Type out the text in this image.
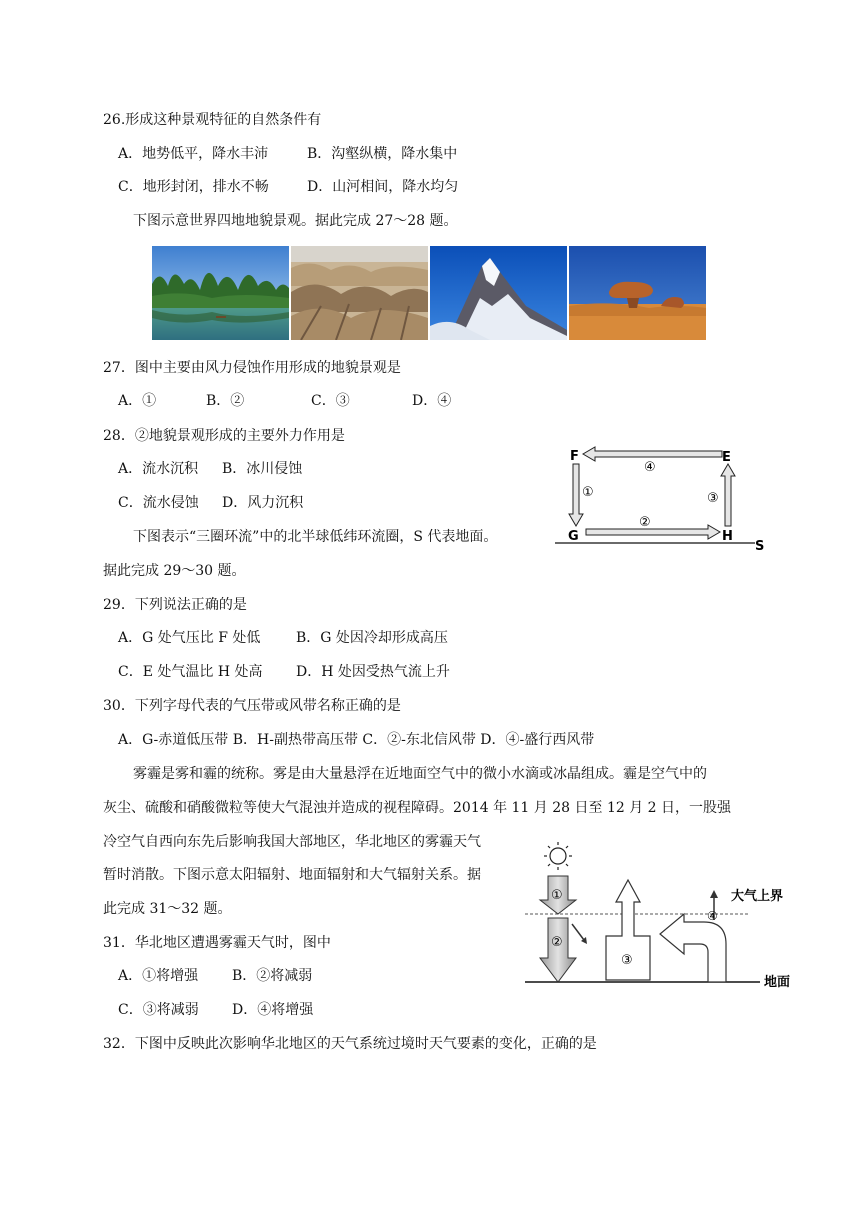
26.形成这种景观特征的自然条件有
A．地势低平，降水丰沛	B．沟壑纵横，降水集中
C．地形封闭，排水不畅	D．山河相间，降水均匀
下图示意世界四地地貌景观。据此完成 27～28 题。
27．图中主要由风力侵蚀作用形成的地貌景观是
A．①	B．②	C．③	D．④
28．②地貌景观形成的主要外力作用是
A．流水沉积 B．冰川侵蚀
C．流水侵蚀 D．风力沉积
下图表示“三圈环流”中的北半球低纬环流圈，S 代表地面。
据此完成 29～30 题。
F	E
G	H
S
④
①
②
③
29．下列说法正确的是
A．G 处气压比 F 处低	B．G 处因冷却形成高压
C．E 处气温比 H 处高 D．H 处因受热气流上升
30．下列字母代表的气压带或风带名称正确的是
A．G-赤道低压带 B．H-副热带高压带 C．②-东北信风带 D．④-盛行西风带
雾霾是雾和霾的统称。雾是由大量悬浮在近地面空气中的微小水滴或冰晶组成。霾是空气中的
灰尘、硫酸和硝酸微粒等使大气混浊并造成的视程障碍。2014 年 11 月 28 日至 12 月 2 日，一股强
冷空气自西向东先后影响我国大部地区，华北地区的雾霾天气
暂时消散。下图示意太阳辐射、地面辐射和大气辐射关系。据
此完成 31～32 题。
大气上界
地面
①
②
③
④
31．华北地区遭遇雾霾天气时，图中
A．①将增强 B．②将减弱
C．③将减弱 D．④将增强
32．下图中反映此次影响华北地区的天气系统过境时天气要素的变化，正确的是
